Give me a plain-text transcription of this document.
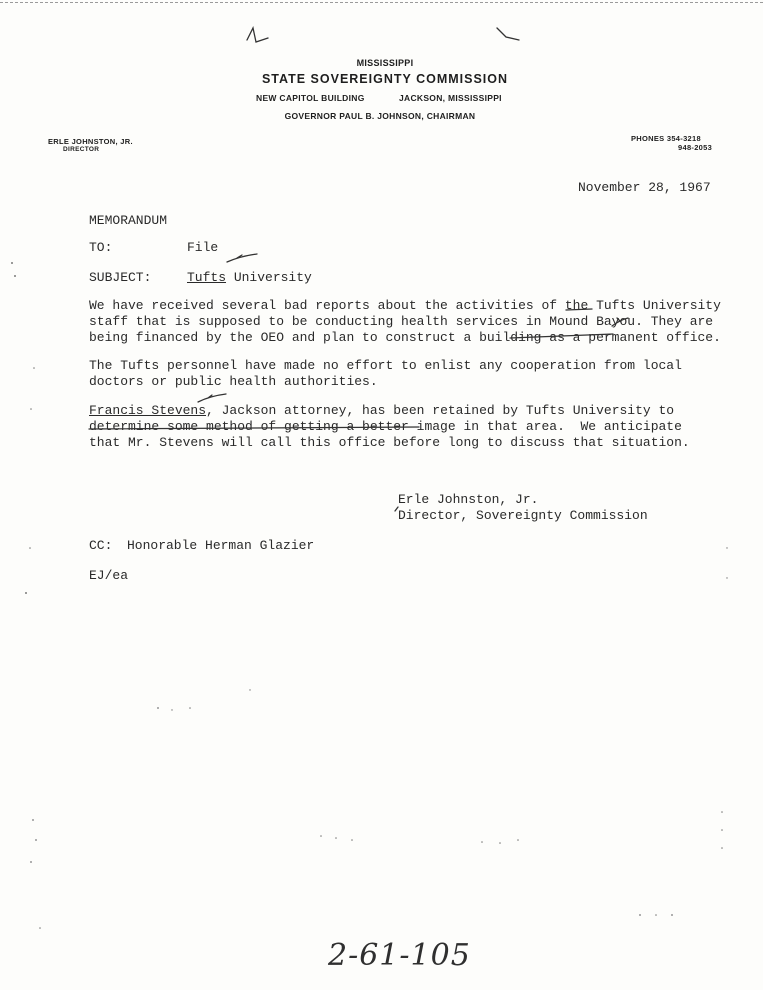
MISSISSIPPI
STATE SOVEREIGNTY COMMISSION
NEW CAPITOL BUILDING	JACKSON, MISSISSIPPI
GOVERNOR PAUL B. JOHNSON, CHAIRMAN
ERLE JOHNSTON, JR.
DIRECTOR
PHONES 354-3218
948-2053
November 28, 1967
MEMORANDUM
TO:	File
SUBJECT:	Tufts University
We have received several bad reports about the activities of the Tufts University
staff that is supposed to be conducting health services in Mound Bayou. They are
being financed by the OEO and plan to construct a building as a permanent office.
The Tufts personnel have made no effort to enlist any cooperation from local
doctors or public health authorities.
Francis Stevens, Jackson attorney, has been retained by Tufts University to
determine some method of getting a better image in that area.  We anticipate
that Mr. Stevens will call this office before long to discuss that situation.
Erle Johnston, Jr.
Director, Sovereignty Commission
CC: Honorable Herman Glazier
EJ/ea
2-61-105
